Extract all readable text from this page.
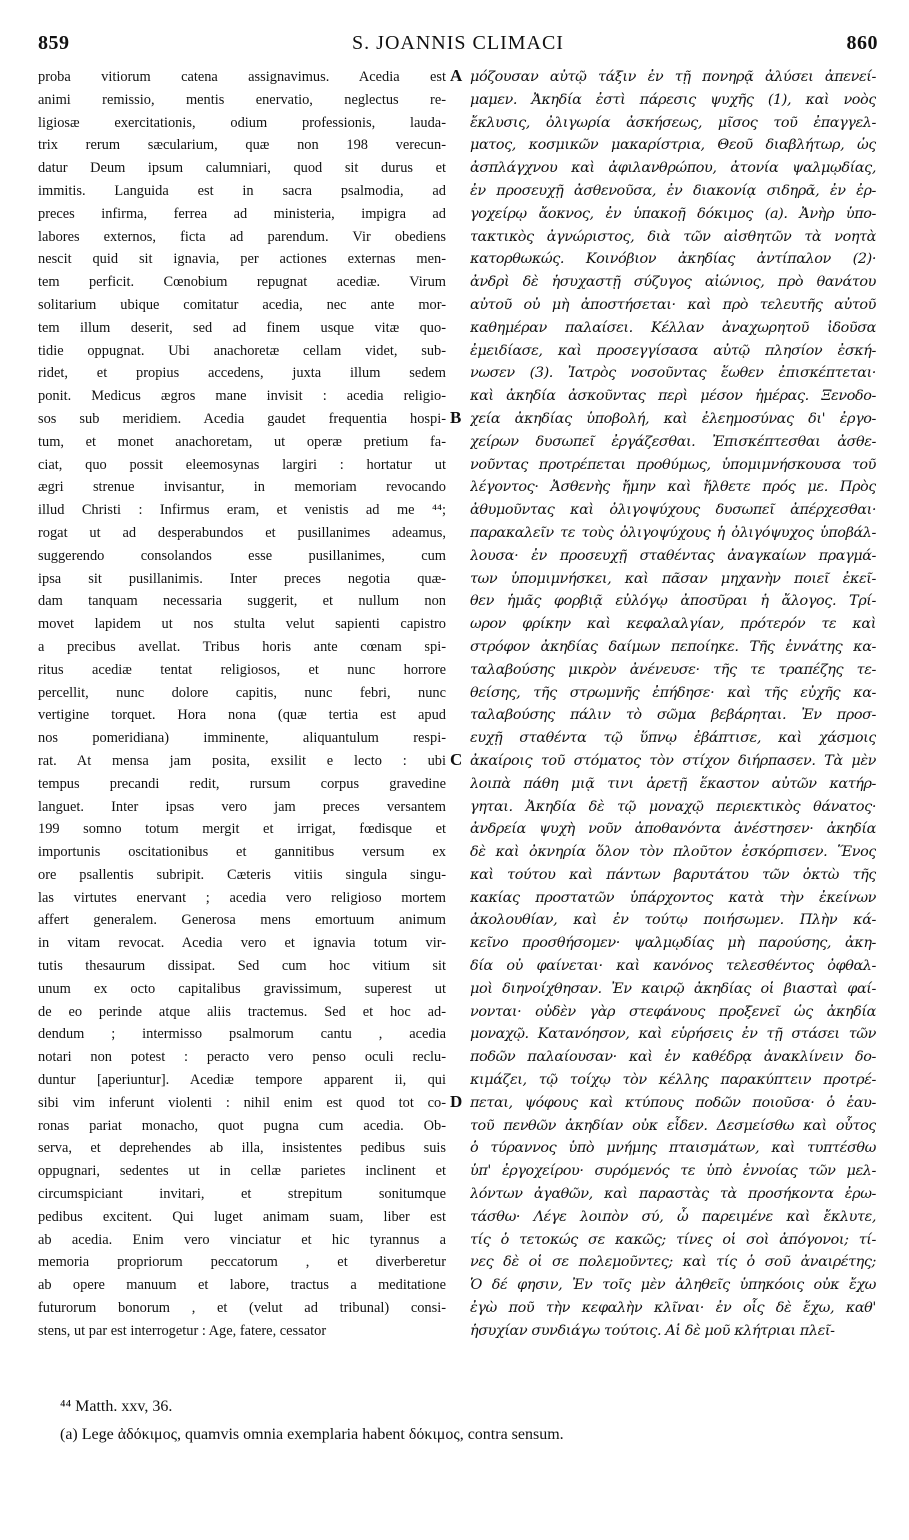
859	S. JOANNIS CLIMACI	860

proba vitiorum catena assignavimus. Acedia est

animi remissio, mentis enervatio, neglectus re-

ligiosæ exercitationis, odium professionis, lauda-

trix rerum sæcularium, quæ non 198 verecun-

datur Deum ipsum calumniari, quod sit durus et

immitis. Languida est in sacra psalmodia, ad

preces infirma, ferrea ad ministeria, impigra ad

labores externos, ficta ad parendum. Vir obediens

nescit quid sit ignavia, per actiones externas men-

tem perficit. Cœnobium repugnat acediæ. Virum

solitarium ubique comitatur acedia, nec ante mor-

tem illum deserit, sed ad finem usque vitæ quo-

tidie oppugnat. Ubi anachoretæ cellam videt, sub-

ridet, et propius accedens, juxta illum sedem

ponit. Medicus ægros mane invisit : acedia religio-

sos sub meridiem. Acedia gaudet frequentia hospi-

tum, et monet anachoretam, ut operæ pretium fa-

ciat, quo possit eleemosynas largiri : hortatur ut

ægri strenue invisantur, in memoriam revocando

illud Christi : Infirmus eram, et venistis ad me ⁴⁴;

rogat ut ad desperabundos et pusillanimes adeamus,

suggerendo consolandos esse pusillanimes, cum

ipsa sit pusillanimis. Inter preces negotia quæ-

dam tanquam necessaria suggerit, et nullum non

movet lapidem ut nos stulta velut sapienti capistro

a precibus avellat. Tribus horis ante cœnam spi-

ritus acediæ tentat religiosos, et nunc horrore

percellit, nunc dolore capitis, nunc febri, nunc

vertigine torquet. Hora nona (quæ tertia est apud

nos pomeridiana) imminente, aliquantulum respi-

rat. At mensa jam posita, exsilit e lecto : ubi

tempus precandi redit, rursum corpus gravedine

languet. Inter ipsas vero jam preces versantem

199 somno totum mergit et irrigat, fœdisque et

importunis oscitationibus et gannitibus versum ex

ore psallentis subripit. Cæteris vitiis singula singu-

las virtutes enervant ; acedia vero religioso mortem

affert generalem. Generosa mens emortuum animum

in vitam revocat. Acedia vero et ignavia totum vir-

tutis thesaurum dissipat. Sed cum hoc vitium sit

unum ex octo capitalibus gravissimum, superest ut

de eo perinde atque aliis tractemus. Sed et hoc ad-

dendum ; intermisso psalmorum cantu , acedia

notari non potest : peracto vero penso oculi reclu-

duntur [aperiuntur]. Acediæ tempore apparent ii, qui

sibi vim inferunt violenti : nihil enim est quod tot co-

ronas pariat monacho, quot pugna cum acedia. Ob-

serva, et deprehendes ab illa, insistentes pedibus suis

oppugnari, sedentes ut in cellæ parietes inclinent et

circumspiciant invitari, et strepitum sonitumque

pedibus excitent. Qui luget animam suam, liber est

ab acedia. Enim vero vinciatur et hic tyrannus a

memoria propriorum peccatorum , et diverberetur

ab opere manuum et labore, tractus a meditatione

futurorum bonorum , et (velut ad tribunal) consi-

stens, ut par est interrogetur : Age, fatere, cessator

A
B
C
D

μόζουσαν αὐτῷ τάξιν ἐν τῇ πονηρᾷ ἀλύσει ἀπενεί-

μαμεν. Ἀκηδία ἐστὶ πάρεσις ψυχῆς (1), καὶ νοὸς

ἔκλυσις, ὀλιγωρία ἀσκήσεως, μῖσος τοῦ ἐπαγγελ-

ματος, κοσμικῶν μακαρίστρια, Θεοῦ διαβλήτωρ, ὡς

ἀσπλάγχνου καὶ ἀφιλανθρώπου, ἀτονία ψαλμῳδίας,

ἐν προσευχῇ ἀσθενοῦσα, ἐν διακονίᾳ σιδηρᾶ, ἐν ἐρ-

γοχείρῳ ἄοκνος, ἐν ὑπακοῇ δόκιμος (a). Ἀνὴρ ὑπο-

τακτικὸς ἀγνώριστος, διὰ τῶν αἰσθητῶν τὰ νοητὰ

κατορθωκώς. Κοινόβιον ἀκηδίας ἀντίπαλον (2)·

ἀνδρὶ δὲ ἡσυχαστῇ σύζυγος αἰώνιος, πρὸ θανάτου

αὐτοῦ οὐ μὴ ἀποστήσεται· καὶ πρὸ τελευτῆς αὐτοῦ

καθημέραν παλαίσει. Κέλλαν ἀναχωρητοῦ ἰδοῦσα

ἐμειδίασε, καὶ προσεγγίσασα αὐτῷ πλησίον ἐσκή-

νωσεν (3). Ἰατρὸς νοσοῦντας ἕωθεν ἐπισκέπτεται·

καὶ ἀκηδία ἀσκοῦντας περὶ μέσον ἡμέρας. Ξενοδο-

χεία ἀκηδίας ὑποβολή, καὶ ἐλεημοσύνας δι' ἐργο-

χείρων δυσωπεῖ ἐργάζεσθαι. Ἐπισκέπτεσθαι ἀσθε-

νοῦντας προτρέπεται προθύμως, ὑπομιμνήσκουσα τοῦ

λέγοντος· Ἀσθενὴς ἤμην καὶ ἤλθετε πρός με. Πρὸς

ἀθυμοῦντας καὶ ὀλιγοψύχους δυσωπεῖ ἀπέρχεσθαι·

παρακαλεῖν τε τοὺς ὀλιγοψύχους ἡ ὀλιγόψυχος ὑποβάλ-

λουσα· ἐν προσευχῇ σταθέντας ἀναγκαίων πραγμά-

των ὑπομιμνήσκει, καὶ πᾶσαν μηχανὴν ποιεῖ ἐκεῖ-

θεν ἡμᾶς φορβιᾷ εὐλόγῳ ἀποσῦραι ἡ ἄλογος. Τρί-

ωρον φρίκην καὶ κεφαλαλγίαν, πρότερόν τε καὶ

στρόφον ἀκηδίας δαίμων πεποίηκε. Τῆς ἐννάτης κα-

ταλαβούσης μικρὸν ἀνένευσε· τῆς τε τραπέζης τε-

θείσης, τῆς στρωμνῆς ἐπήδησε· καὶ τῆς εὐχῆς κα-

ταλαβούσης πάλιν τὸ σῶμα βεβάρηται. Ἐν προσ-

ευχῇ σταθέντα τῷ ὕπνῳ ἐβάπτισε, καὶ χάσμοις

ἀκαίροις τοῦ στόματος τὸν στίχον διήρπασεν. Τὰ μὲν

λοιπὰ πάθη μιᾷ τινι ἀρετῇ ἕκαστον αὐτῶν κατήρ-

γηται. Ἀκηδία δὲ τῷ μοναχῷ περιεκτικὸς θάνατος·

ἀνδρεία ψυχὴ νοῦν ἀποθανόντα ἀνέστησεν· ἀκηδία

δὲ καὶ ὀκνηρία ὅλον τὸν πλοῦτον ἐσκόρπισεν. Ἕνος

καὶ τούτου καὶ πάντων βαρυτάτου τῶν ὀκτὼ τῆς

κακίας προστατῶν ὑπάρχοντος κατὰ τὴν ἐκείνων

ἀκολουθίαν, καὶ ἐν τούτῳ ποιήσωμεν. Πλὴν κά-

κεῖνο προσθήσομεν· ψαλμῳδίας μὴ παρούσης, ἀκη-

δία οὐ φαίνεται· καὶ κανόνος τελεσθέντος ὀφθαλ-

μοὶ διηνοίχθησαν. Ἐν καιρῷ ἀκηδίας οἱ βιασταὶ φαί-

νονται· οὐδὲν γὰρ στεφάνους προξενεῖ ὡς ἀκηδία

μοναχῷ. Κατανόησον, καὶ εὑρήσεις ἐν τῇ στάσει τῶν

ποδῶν παλαίουσαν· καὶ ἐν καθέδρᾳ ἀνακλίνειν δο-

κιμάζει, τῷ τοίχῳ τὸν κέλλης παρακύπτειν προτρέ-

πεται, ψόφους καὶ κτύπους ποδῶν ποιοῦσα· ὁ ἑαυ-

τοῦ πενθῶν ἀκηδίαν οὐκ εἶδεν. Δεσμείσθω καὶ οὗτος

ὁ τύραννος ὑπὸ μνήμης πταισμάτων, καὶ τυπτέσθω

ὑπ' ἐργοχείρου· συρόμενός τε ὑπὸ ἐννοίας τῶν μελ-

λόντων ἀγαθῶν, καὶ παραστὰς τὰ προσήκοντα ἐρω-

τάσθω· Λέγε λοιπὸν σύ, ὦ παρειμένε καὶ ἔκλυτε,

τίς ὁ τετοκώς σε κακῶς; τίνες οἱ σοὶ ἀπόγονοι; τί-

νες δὲ οἱ σε πολεμοῦντες; καὶ τίς ὁ σοῦ ἀναιρέτης;

Ὁ δέ φησιν, Ἐν τοῖς μὲν ἀληθεῖς ὑπηκόοις οὐκ ἔχω

ἐγὼ ποῦ τὴν κεφαλὴν κλῖναι· ἐν οἷς δὲ ἔχω, καθ'

ἡσυχίαν συνδιάγω τούτοις. Αἱ δὲ μοῦ κλήτριαι πλεῖ-

⁴⁴ Matth. xxv, 36.
(a) Lege ἀδόκιμος, quamvis omnia exemplaria habent δόκιμος, contra sensum.
